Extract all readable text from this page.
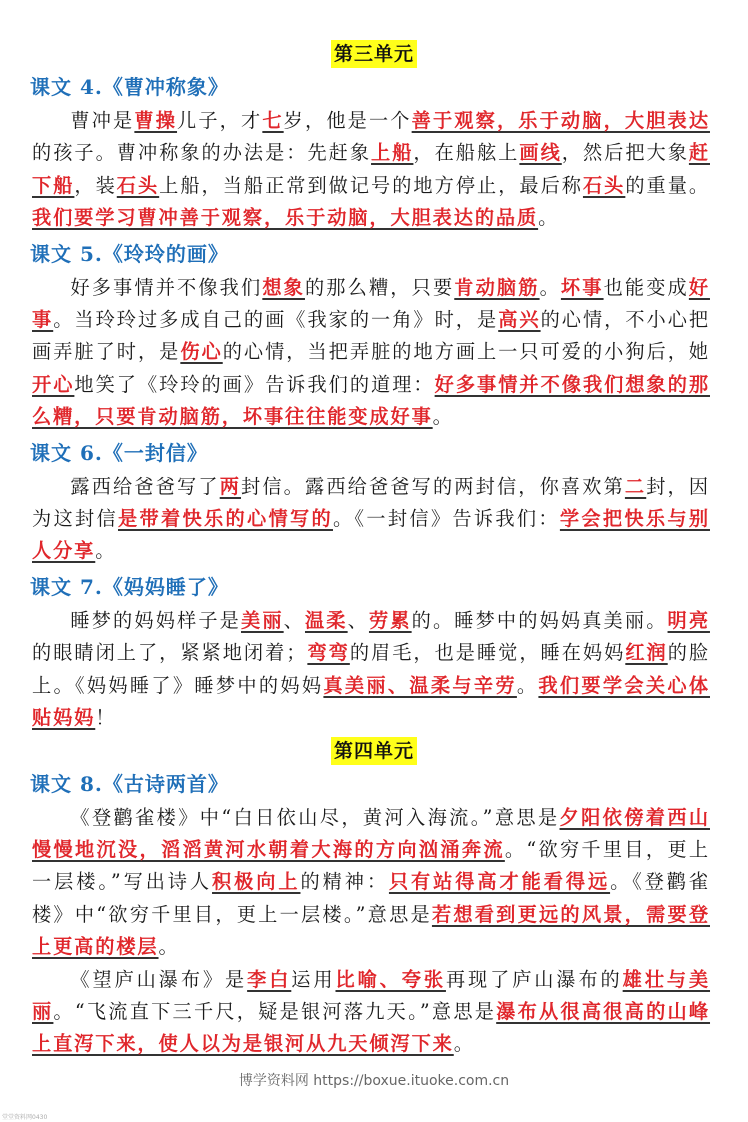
第三单元
课文 4.《曹冲称象》
曹冲是曹操儿子，才七岁，他是一个善于观察，乐于动脑，大胆表达的孩子。曹冲称象的办法是：先赶象上船，在船舷上画线，然后把大象赶下船，装石头上船，当船正常到做记号的地方停止，最后称石头的重量。我们要学习曹冲善于观察，乐于动脑，大胆表达的品质。
课文 5.《玲玲的画》
好多事情并不像我们想象的那么糟，只要肯动脑筋。坏事也能变成好事。当玲玲过多成自己的画《我家的一角》时，是高兴的心情，不小心把画弄脏了时，是伤心的心情，当把弄脏的地方画上一只可爱的小狗后，她开心地笑了《玲玲的画》告诉我们的道理：好多事情并不像我们想象的那么糟，只要肯动脑筋，坏事往往能变成好事。
课文 6.《一封信》
露西给爸爸写了两封信。露西给爸爸写的两封信，你喜欢第二封，因为这封信是带着快乐的心情写的。《一封信》告诉我们：学会把快乐与别人分享。
课文 7.《妈妈睡了》
睡梦的妈妈样子是美丽、温柔、劳累的。睡梦中的妈妈真美丽。明亮的眼睛闭上了，紧紧地闭着；弯弯的眉毛，也是睡觉，睡在妈妈红润的脸上。《妈妈睡了》睡梦中的妈妈真美丽、温柔与辛劳。我们要学会关心体贴妈妈！
第四单元
课文 8.《古诗两首》
《登鹳雀楼》中“白日依山尽，黄河入海流。”意思是夕阳依傍着西山慢慢地沉没，滔滔黄河水朝着大海的方向汹涌奔流。“欲穷千里目，更上一层楼。”写出诗人积极向上的精神：只有站得高才能看得远。《登鹳雀楼》中“欲穷千里目，更上一层楼。”意思是若想看到更远的风景，需要登上更高的楼层。
《望庐山瀑布》是李白运用比喻、夸张再现了庐山瀑布的雄壮与美丽。“飞流直下三千尺，疑是银河落九天。”意思是瀑布从很高很高的山峰上直泻下来，使人以为是银河从九天倾泻下来。
博学资料网 https://boxue.ituoke.com.cn
堂堂资料网0430
